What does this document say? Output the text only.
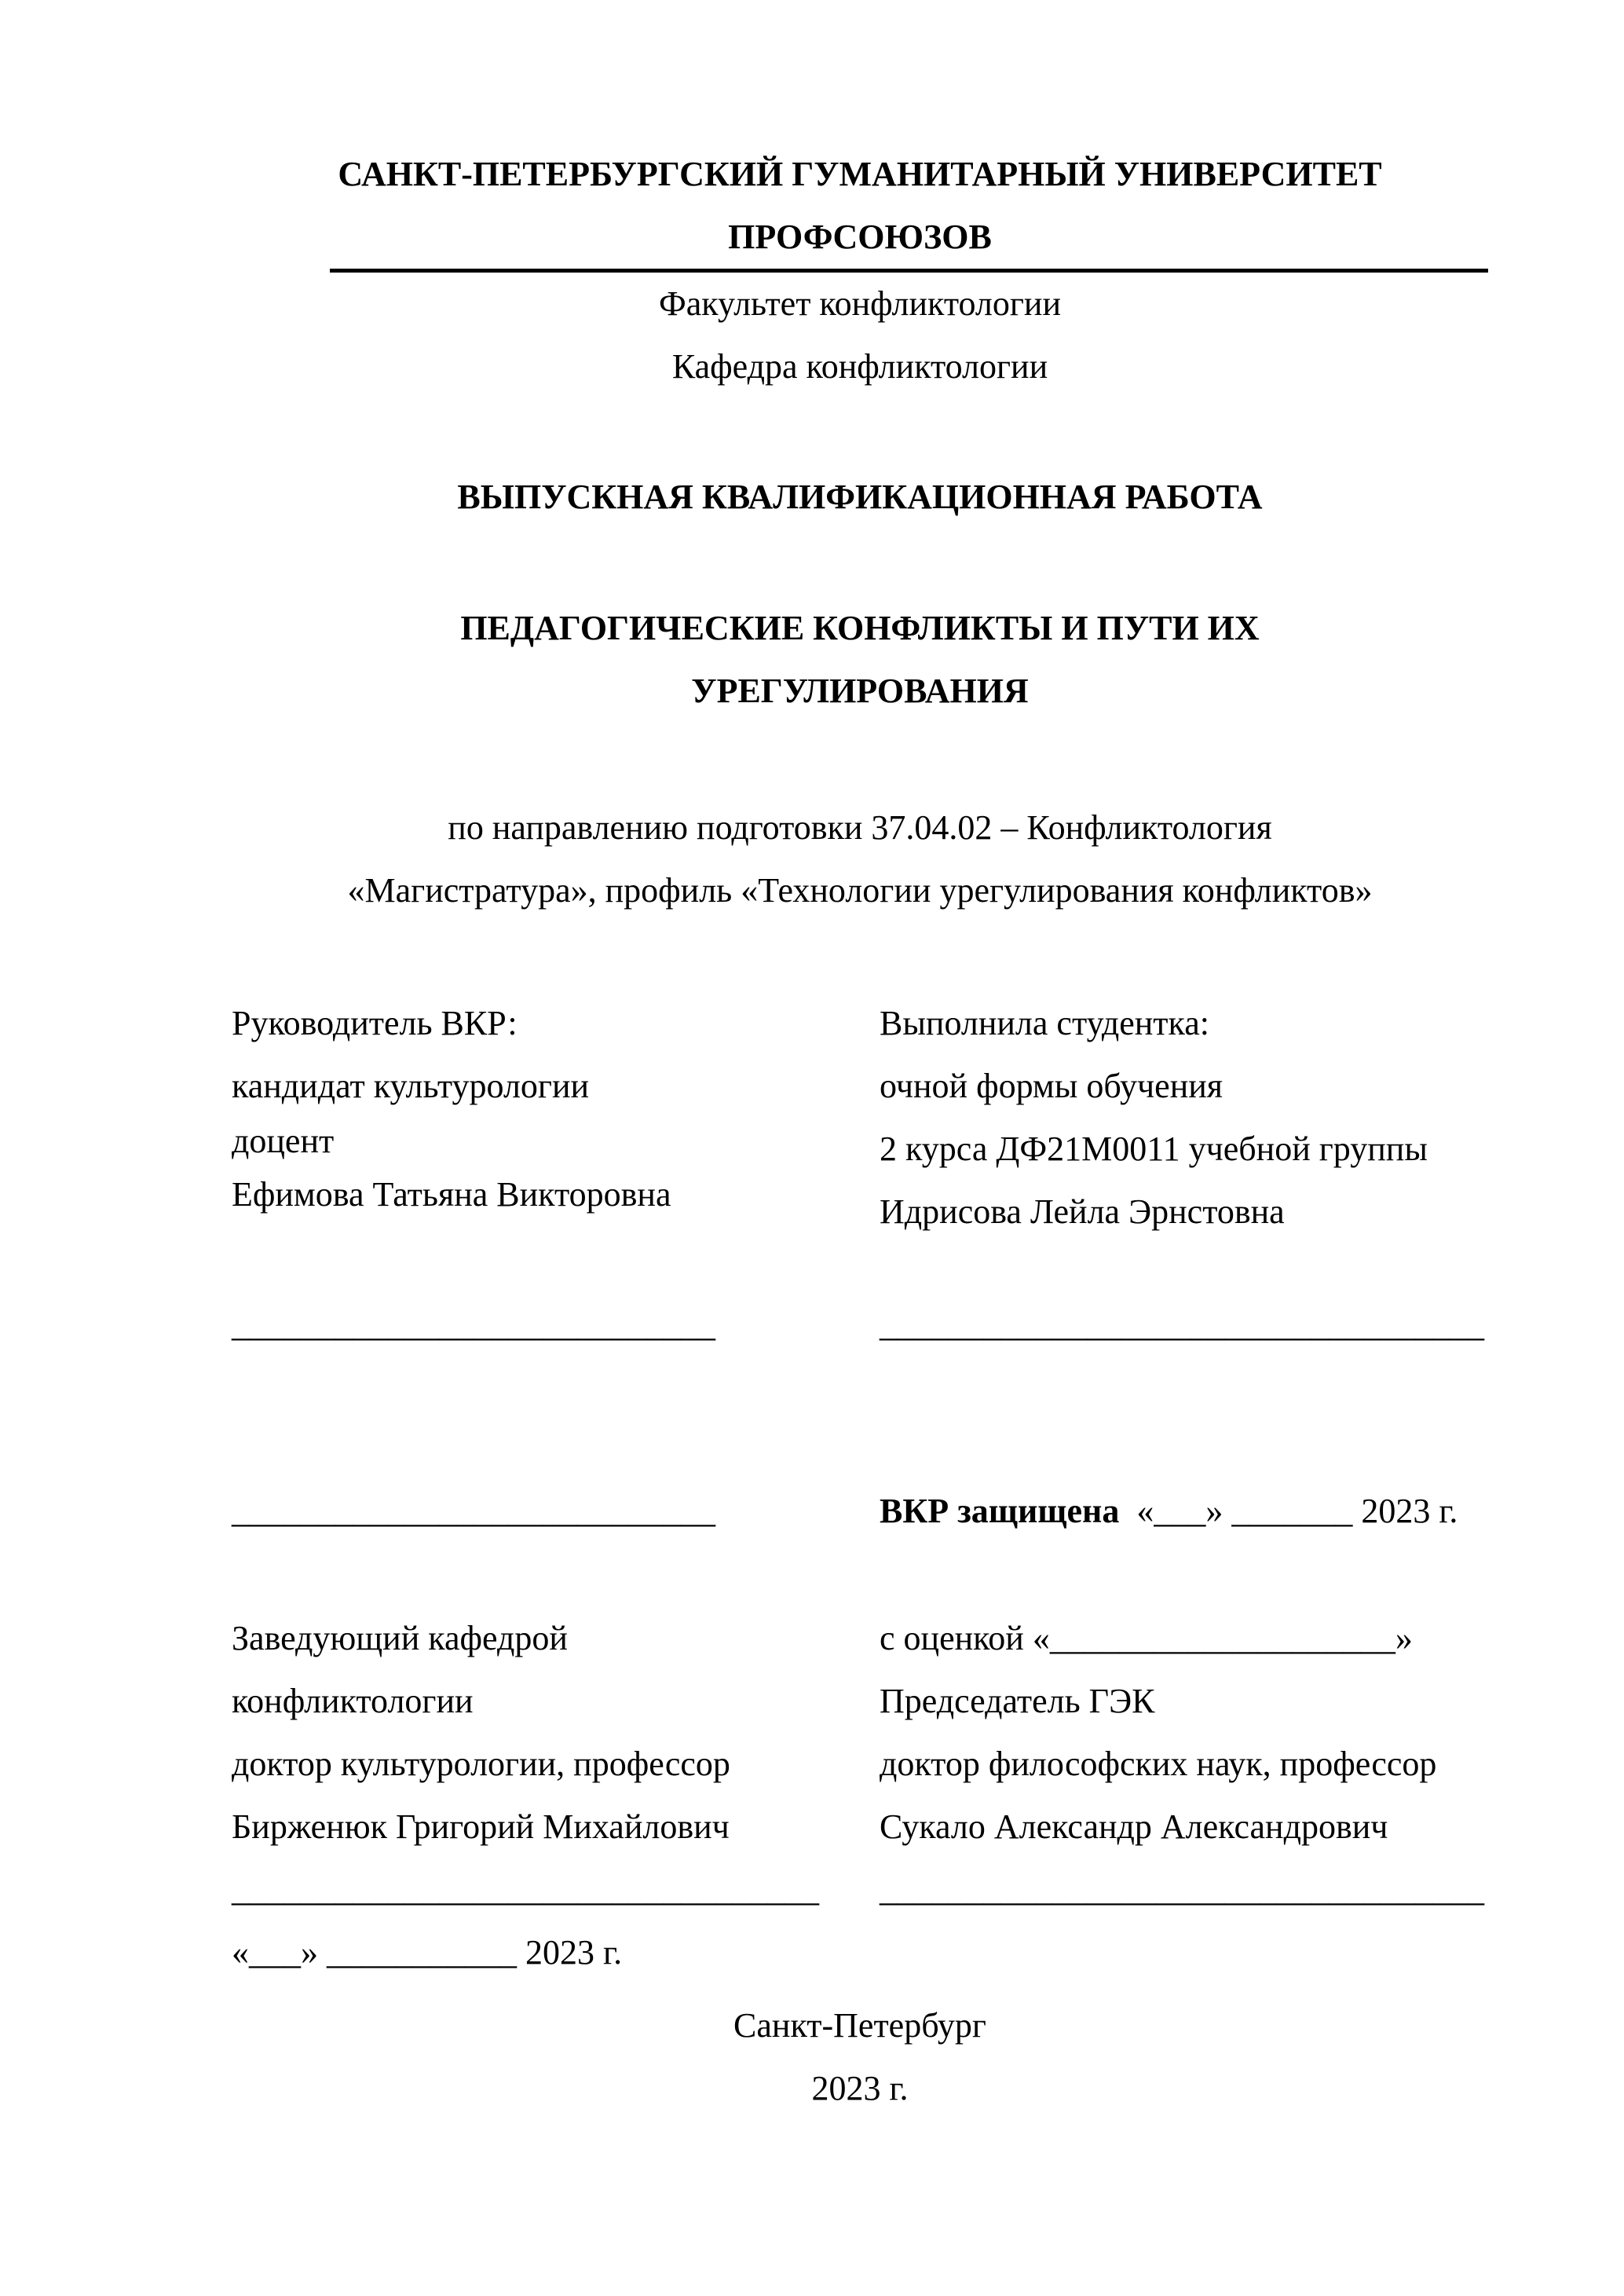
САНКТ-ПЕТЕРБУРГСКИЙ ГУМАНИТАРНЫЙ УНИВЕРСИТЕТ
ПРОФСОЮЗОВ
Факультет конфликтологии
Кафедра конфликтологии
ВЫПУСКНАЯ КВАЛИФИКАЦИОННАЯ РАБОТА
ПЕДАГОГИЧЕСКИЕ КОНФЛИКТЫ И ПУТИ ИХ
УРЕГУЛИРОВАНИЯ
по направлению подготовки 37.04.02 – Конфликтология
«Магистратура», профиль «Технологии урегулирования конфликтов»
Руководитель ВКР:	Выполнила студентка:
кандидат культурологии	очной формы обучения
доцент	2 курса ДФ21М0011 учебной группы
Ефимова Татьяна Викторовна	Идрисова Лейла Эрнстовна
____________________________	___________________________________
____________________________	ВКР защищена «___» _______ 2023 г.
Заведующий кафедрой	с оценкой «____________________»
конфликтологии	Председатель ГЭК
доктор культурологии, профессор	доктор философских наук, профессор
Бирженюк Григорий Михайлович	Сукало Александр Александрович
__________________________________	___________________________________
«___» ___________ 2023 г.
Санкт-Петербург
2023 г.
